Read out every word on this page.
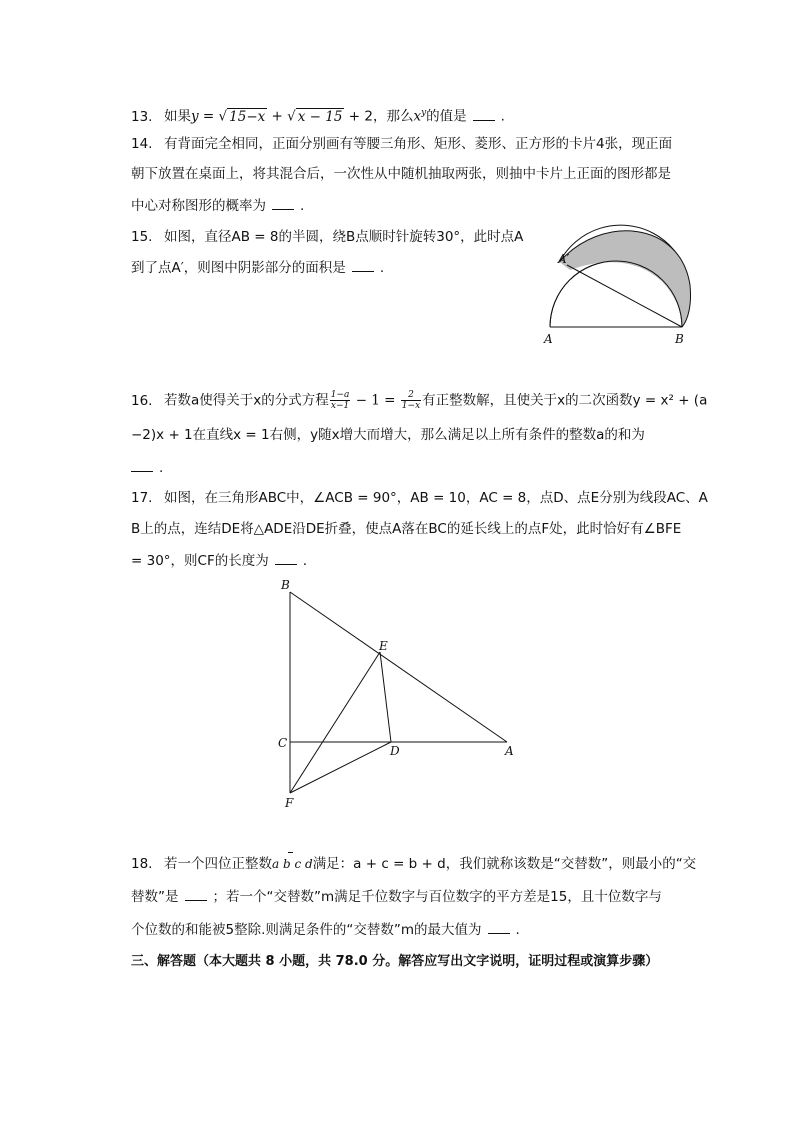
13. 如果y = √ 15−x + √ x − 15 + 2，那么$x^y$的值是	.
14. 有背面完全相同，正面分别画有等腰三角形、矩形、菱形、正方形的卡片4张，现正面
朝下放置在桌面上，将其混合后，一次性从中随机抽取两张，则抽中卡片上正面的图形都是
中心对称图形的概率为	.
15. 如图，直径AB = 8的半圆，绕B点顺时针旋转30°，此时点A
到了点A′，则图中阴影部分的面积是	.
A	B
A′
16. 若数a使得关于x的分式方程 $\frac{1-a}{x-1} - 1 = \frac{2}{1-x}$ 有正整数解，且使关于x的二次函数y = x² + (a
−2)x + 1在直线x = 1右侧，y随x增大而增大，那么满足以上所有条件的整数a的和为
.
17. 如图，在三角形ABC中，∠ACB = 90°，AB = 10，AC = 8，点D、点E分别为线段AC、A
B上的点，连结DE将△ADE沿DE折叠，使点A落在BC的延长线上的点F处，此时恰好有∠BFE
= 30°，则CF的长度为	.
B
E
C
D	A
F
18. 若一个四位正整数a b c d满足：a + c = b + d，我们就称该数是“交替数”，则最小的“交
替数”是	；若一个“交替数”m满足千位数字与百位数字的平方差是15，且十位数字与
个位数的和能被5整除.则满足条件的“交替数”m的最大值为	.
三、解答题（本大题共 8 小题，共 78.0 分。解答应写出文字说明，证明过程或演算步骤）
